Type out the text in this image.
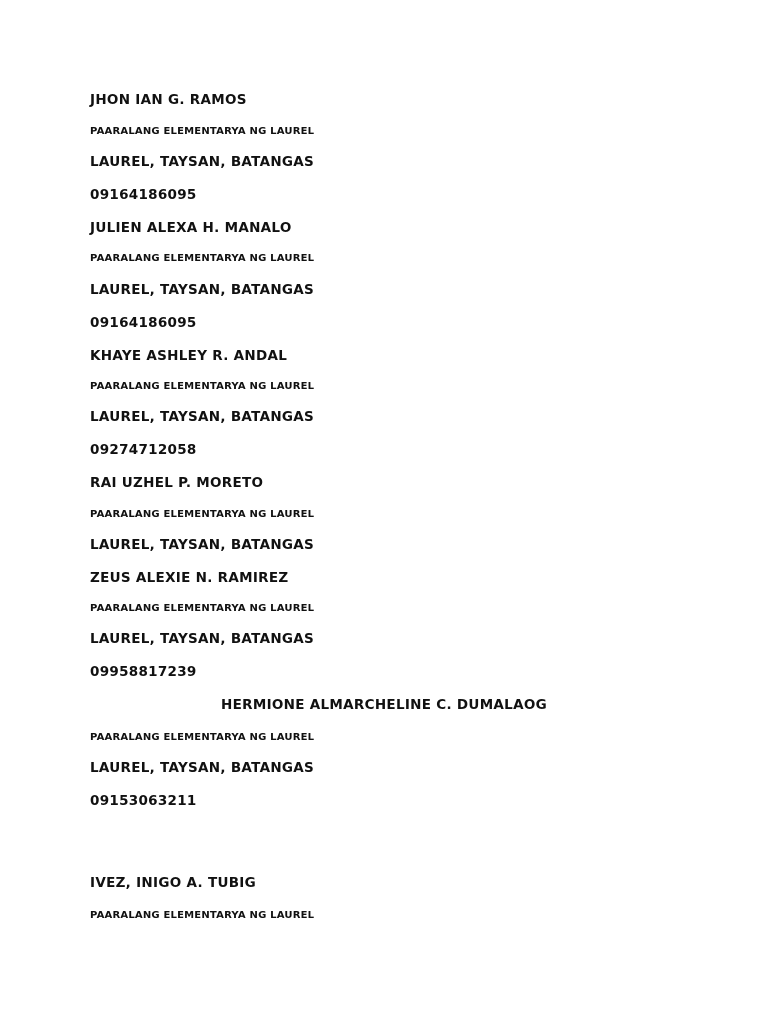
JHON IAN G. RAMOS
PAARALANG ELEMENTARYA NG LAUREL
LAUREL, TAYSAN, BATANGAS
09164186095
JULIEN ALEXA H. MANALO
PAARALANG ELEMENTARYA NG LAUREL
LAUREL, TAYSAN, BATANGAS
09164186095
KHAYE ASHLEY R. ANDAL
PAARALANG ELEMENTARYA NG LAUREL
LAUREL, TAYSAN, BATANGAS
09274712058
RAI UZHEL P. MORETO
PAARALANG ELEMENTARYA NG LAUREL
LAUREL, TAYSAN, BATANGAS
ZEUS ALEXIE N. RAMIREZ
PAARALANG ELEMENTARYA NG LAUREL
LAUREL, TAYSAN, BATANGAS
09958817239
HERMIONE ALMARCHELINE C. DUMALAOG
PAARALANG ELEMENTARYA NG LAUREL
LAUREL, TAYSAN, BATANGAS
09153063211
IVEZ, INIGO A. TUBIG
PAARALANG ELEMENTARYA NG LAUREL
